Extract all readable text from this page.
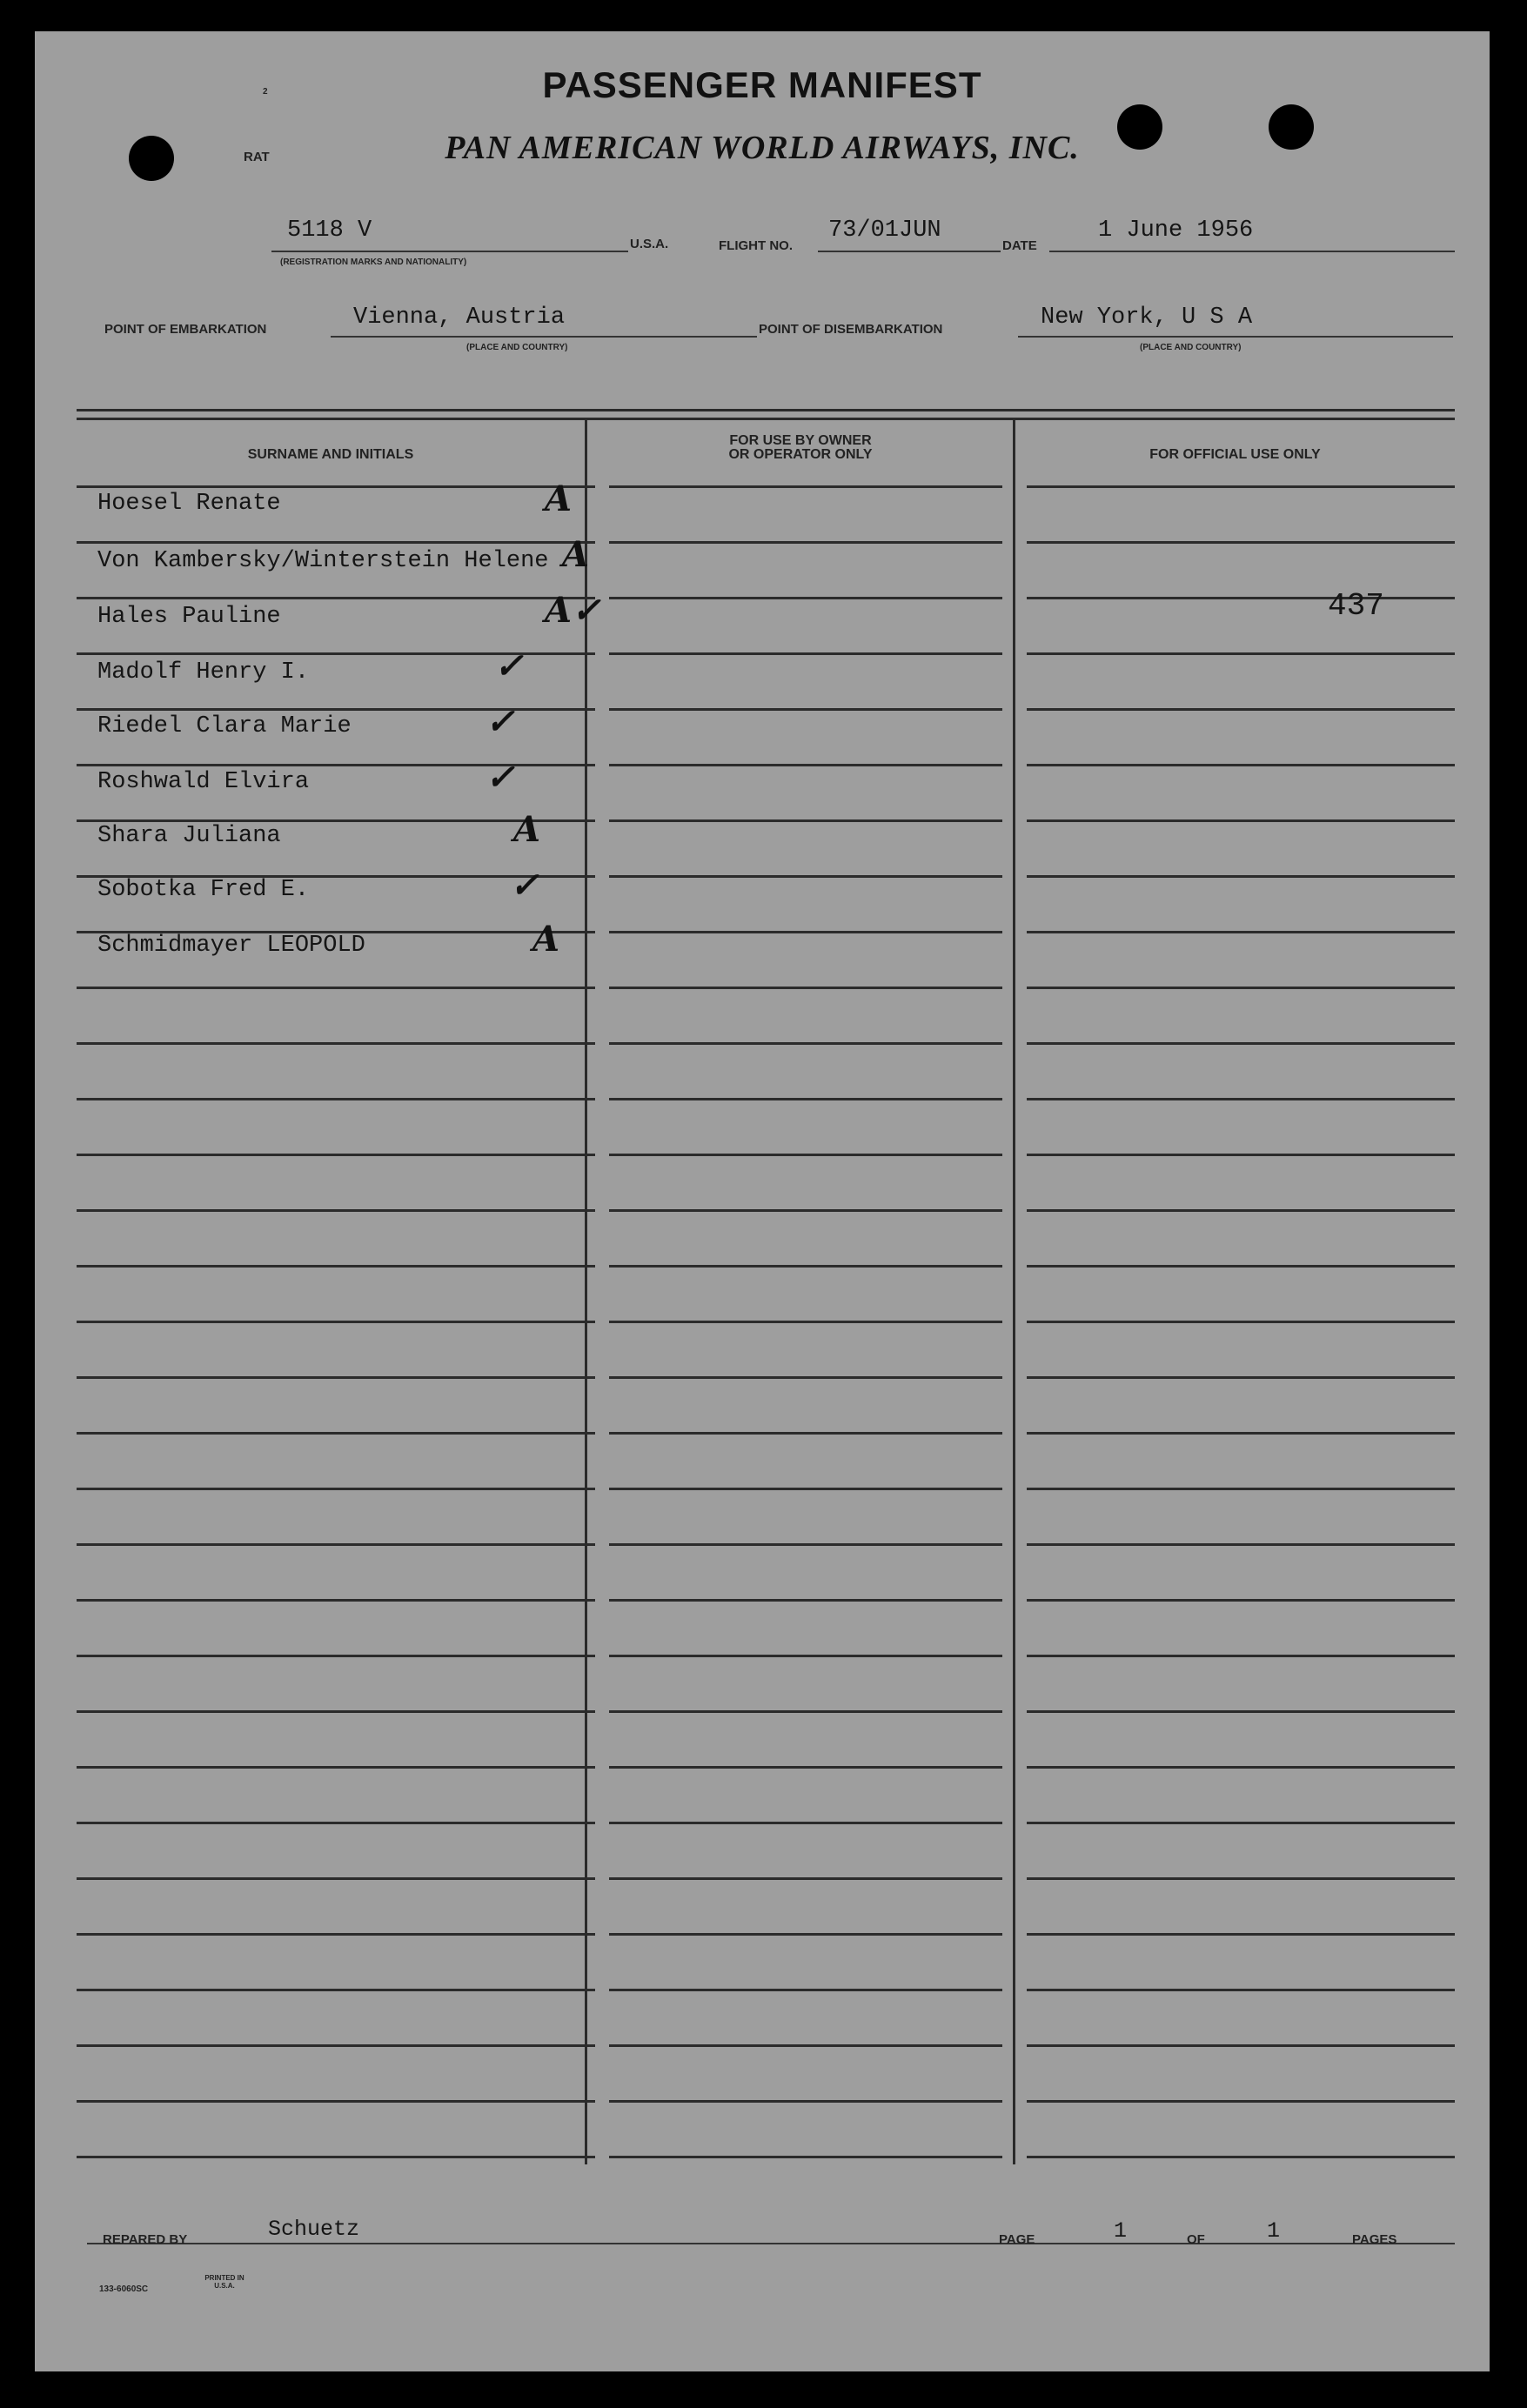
2
RAT
PASSENGER MANIFEST
PAN AMERICAN WORLD AIRWAYS, INC.
5118 V
(REGISTRATION MARKS AND NATIONALITY)
U.S.A.	FLIGHT NO.
73/01JUN
DATE
1 June 1956
POINT OF EMBARKATION	Vienna, Austria
(PLACE AND COUNTRY)
POINT OF DISEMBARKATION	New York, U S A
(PLACE AND COUNTRY)
SURNAME AND INITIALS
FOR USE BY OWNER
OR OPERATOR ONLY	FOR OFFICIAL USE ONLY
Hoesel Renate	A
Von Kambersky/Winterstein Helene A
Hales Pauline	A✓	437
Madolf Henry I.	✓
Riedel Clara Marie	✓
Roshwald Elvira	✓
Shara Juliana	A
Sobotka Fred E.	✓
Schmidmayer LEOPOLD	A
REPARED BY	Schuetz	PAGE	1	OF	1	PAGES
133-6060SC
PRINTED IN U.S.A.
